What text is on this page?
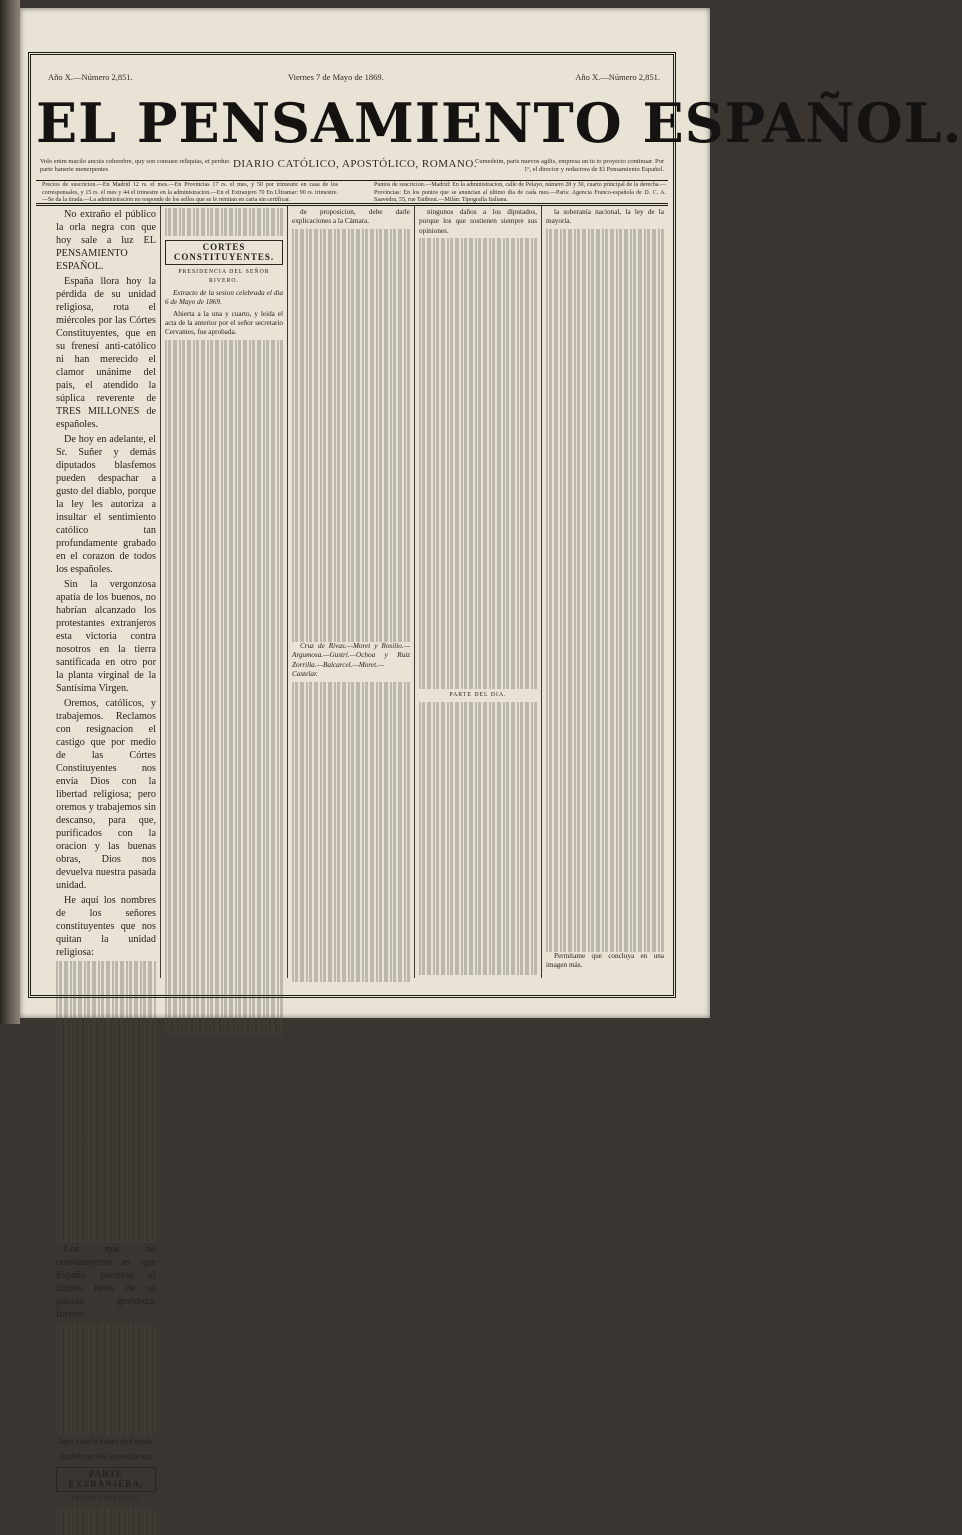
Año X.—Número 2,851.	Viernes 7 de Mayo de 1869.	Año X.—Número 2,851.
EL PENSAMIENTO ESPAÑOL.
Volo enim macilo ancuis coherebre, quy son consuee reliquias, et perduo parte hanerie menerpentes	DIARIO CATÓLICO, APOSTÓLICO, ROMANO.
Cumedeim, paris nuevos agilis, empresa un tu to proyecto continuar. Por 1º, el director y redactora de El Pensamiento Español.
Precios de suscricion.—En Madrid 12 rs. el mes.—En Provincias 17 rs. el mes, y 50 por trimestre en casa de los corresponsales, y 15 rs. el mes y 44 el trimestre en la administracion.—En el Extranjero 70 En Ultramar: 90 rs. trimestre.—Se da la tirada.—La administracion no responde de los sellos que se le remitan en carta sin certificar.
Puntos de suscricion.—Madrid: En la administracion, calle de Pelayo, número 28 y 30, cuarto principal de la derecha.—Provincias: En los puntos que se anuncian al ultimo dia de cada mes.—Paris: Agencia Franco-española de D. C. A. Saavedra, 55, rue Taitbout.—Milán: Tipografía Italiana.

No extraño el público la orla negra con que hoy sale a luz EL PENSAMIENTO ESPAÑOL.

España llora hoy la pérdida de su unidad religiosa, rota el miércoles por las Córtes Constituyentes, que en su frenesí anti-católico ni han merecido el clamor unánime del país, el atendido la súplica reverente de TRES MILLONES de españoles.

De hoy en adelante, el Sr. Suñer y demás diputados blasfemos pueden despachar a gusto del diablo, porque la ley les autoriza a insultar el sentimiento católico tan profundamente grabado en el corazon de todos los españoles.

Sin la vergonzosa apatía de los buenos, no habrían alcanzado los protestantes extranjeros esta victoria contra nosotros en la tierra santificada en otro por la planta virginal de la Santísima Virgen.

Oremos, católicos, y trabajemos. Reclamos con resignacion el castigo que por medio de las Córtes Constituyentes nos envía Dios con la libertad religiosa; pero oremos y trabajemos sin descanso, para que, purificados con la oracion y las buenas obras, Dios nos devuelva nuestra pasada unidad.

He aquí los nombres de los señores constituyentes que nos quitan la unidad religiosa:

Los que no constituyeron es que España perdiese el último resto de su pasada grandeza, fueron:

Aquí yace la honra de España.

Acabó con ella la revolucion.

PARTE EXTRANJERA.
REVISTA POLÍTICA.
CORTES CONSTITUYENTES.
PRESIDENCIA DEL SEÑOR RIVERO.

Extracto de la sesion celebrada el dia 6 de Mayo de 1869.

Abierta a la una y cuarto, y leida el acta de la anterior por el señor secretario Cervantes, fue aprobada.

de proposicion, debe darle explicaciones a la Cámara.

Cruz de Rivas.—Moret y Rosilio.—Argumosa.—Gustrí.—Ochoa y Ruiz Zorrilla.—Balcarcel.—Moret.—Castelar.

ningunos daños a los diputados, porque los que sostienen siempre sus opiniones.

PARTE DEL DIA.

la soberanía nacional, la ley de la mayoría.

Permítame que concluya en una imagen más.
